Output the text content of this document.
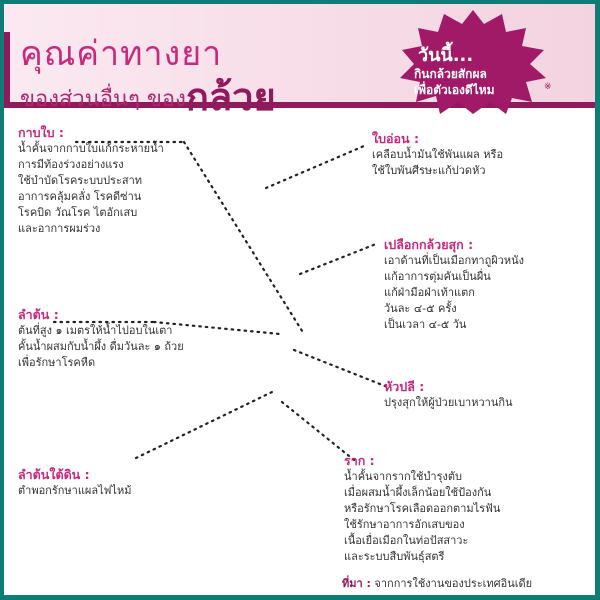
คุณค่าทางยา
ของส่วนอื่นๆ ของกล้วย
วันนี้...
กินกล้วยสักผล
เพื่อตัวเองดีไหม	※
กาบใบ :
น้ำคั้นจากกาบใบแก้กระหายน้ำ
การมีท้องร่วงอย่างแรง
ใช้บำบัดโรคระบบประสาท
อาการคลุ้มคลั่ง โรคดีซ่าน
โรคบิด วัณโรค ไตอักเสบ
และอาการผมร่วง
ใบอ่อน :
เคลือบน้ำมันใช้พันแผล หรือ
ใช้ใบพันศีรษะแก้ปวดหัว
ลำต้น :
ต้นที่สูง ๑ เมตรให้น้ำไปอบในเตา
คั้นน้ำผสมกับน้ำผึ้ง ดื่มวันละ ๑ ถ้วย
เพื่อรักษาโรคหืด
เปลือกกล้วยสุก :
เอาด้านที่เป็นเมือกทาถูผิวหนัง
แก้อาการตุ่มคันเป็นผื่น
แก้ฝ่ามือฝ่าเท้าแตก
วันละ ๔-๕ ครั้ง
เป็นเวลา ๔-๕ วัน
หัวปลี :
ปรุงสุกให้ผู้ป่วยเบาหวานกิน
ลำต้นใต้ดิน :
ตำพอกรักษาแผลไฟไหม้
ราก :
น้ำคั้นจากรากใช้บำรุงตับ
เมื่อผสมน้ำผึ้งเล็กน้อยใช้ป้องกัน
หรือรักษาโรคเลือดออกตามไรฟัน
ใช้รักษาอาการอักเสบของ
เนื้อเยื่อเมือกในท่อปัสสาวะ
และระบบสืบพันธุ์สตรี
ที่มา : จากการใช้งานของประเทศอินเดีย
